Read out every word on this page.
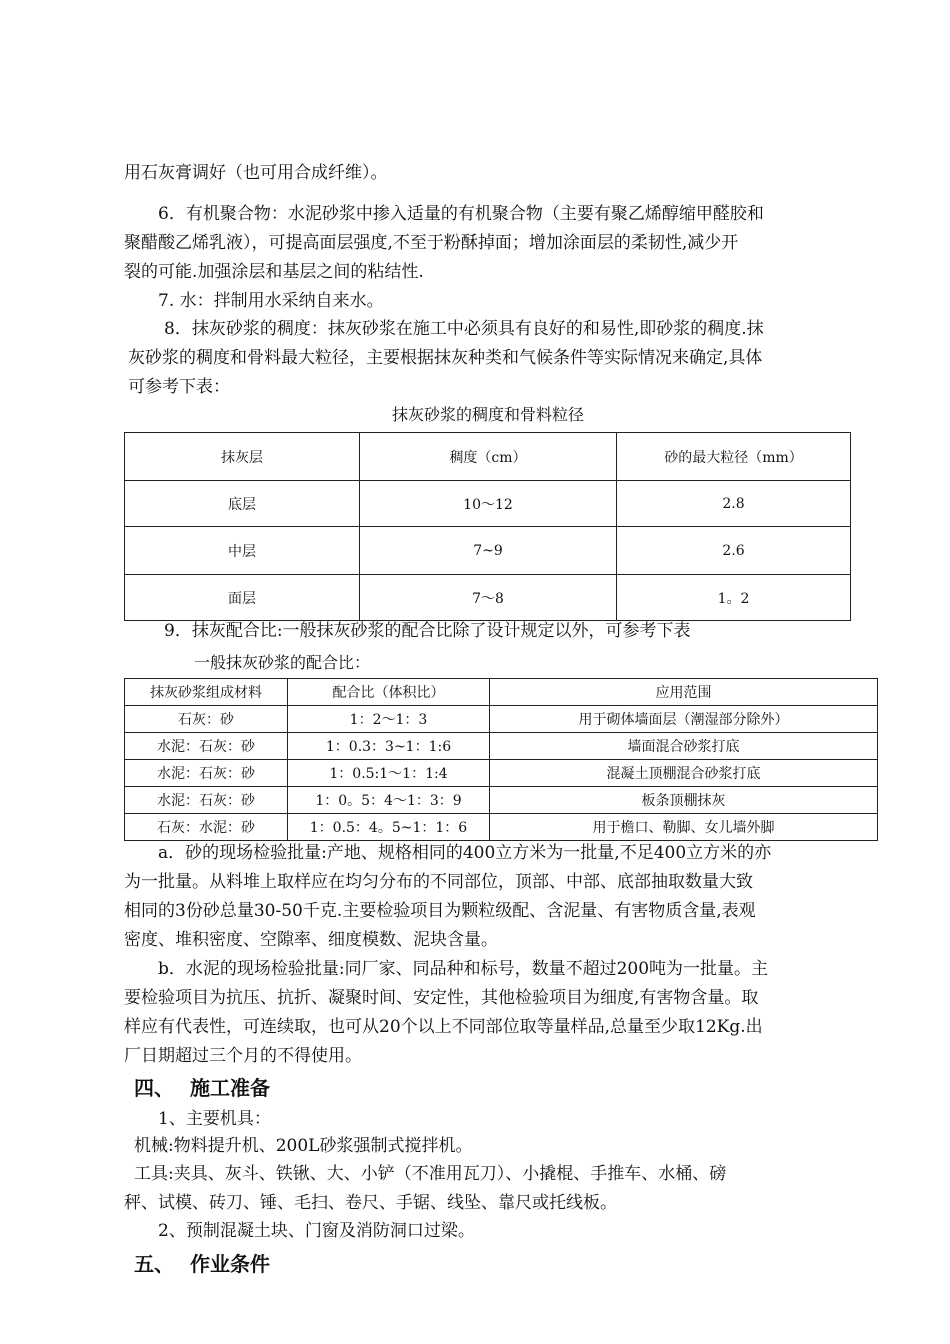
用石灰膏调好（也可用合成纤维）。
6．有机聚合物：水泥砂浆中掺入适量的有机聚合物（主要有聚乙烯醇缩甲醛胶和
聚醋酸乙烯乳液），可提高面层强度,不至于粉酥掉面；增加涂面层的柔韧性,减少开
裂的可能.加强涂层和基层之间的粘结性.
7. 水：拌制用水采纳自来水。
8．抹灰砂浆的稠度：抹灰砂浆在施工中必须具有良好的和易性,即砂浆的稠度.抹
灰砂浆的稠度和骨料最大粒径，主要根据抹灰种类和气候条件等实际情况来确定,具体
可参考下表：
抹灰砂浆的稠度和骨料粒径
抹灰层	稠度（cm）	砂的最大粒径（mm）
底层	10～12	2.8
中层	7~9	2.6
面层	7～8	1。2
9．抹灰配合比:一般抹灰砂浆的配合比除了设计规定以外，可参考下表
一般抹灰砂浆的配合比：
抹灰砂浆组成材料	配合比（体积比）	应用范围
石灰：砂	1：2～1：3	用于砌体墙面层（潮湿部分除外）
水泥：石灰：砂	1：0.3：3~1：1:6	墙面混合砂浆打底
水泥：石灰：砂	1：0.5:1～1：1:4	混凝土顶棚混合砂浆打底
水泥：石灰：砂	1：0。5：4～1：3：9	板条顶棚抹灰
石灰：水泥：砂	1：0.5：4。5~1：1：6	用于檐口、勒脚、女儿墙外脚
a．砂的现场检验批量:产地、规格相同的400立方米为一批量,不足400立方米的亦
为一批量。从料堆上取样应在均匀分布的不同部位，顶部、中部、底部抽取数量大致
相同的3份砂总量30-50千克.主要检验项目为颗粒级配、含泥量、有害物质含量,表观
密度、堆积密度、空隙率、细度模数、泥块含量。
b．水泥的现场检验批量:同厂家、同品种和标号，数量不超过200吨为一批量。主
要检验项目为抗压、抗折、凝聚时间、安定性，其他检验项目为细度,有害物含量。取
样应有代表性，可连续取，也可从20个以上不同部位取等量样品,总量至少取12Kg.出
厂日期超过三个月的不得使用。
四、 施工准备
1、主要机具：
机械:物料提升机、200L砂浆强制式搅拌机。
工具:夹具、灰斗、铁锹、大、小铲（不准用瓦刀）、小撬棍、手推车、水桶、磅
秤、试模、砖刀、锤、毛扫、卷尺、手锯、线坠、靠尺或托线板。
2、预制混凝土块、门窗及消防洞口过梁。
五、 作业条件
